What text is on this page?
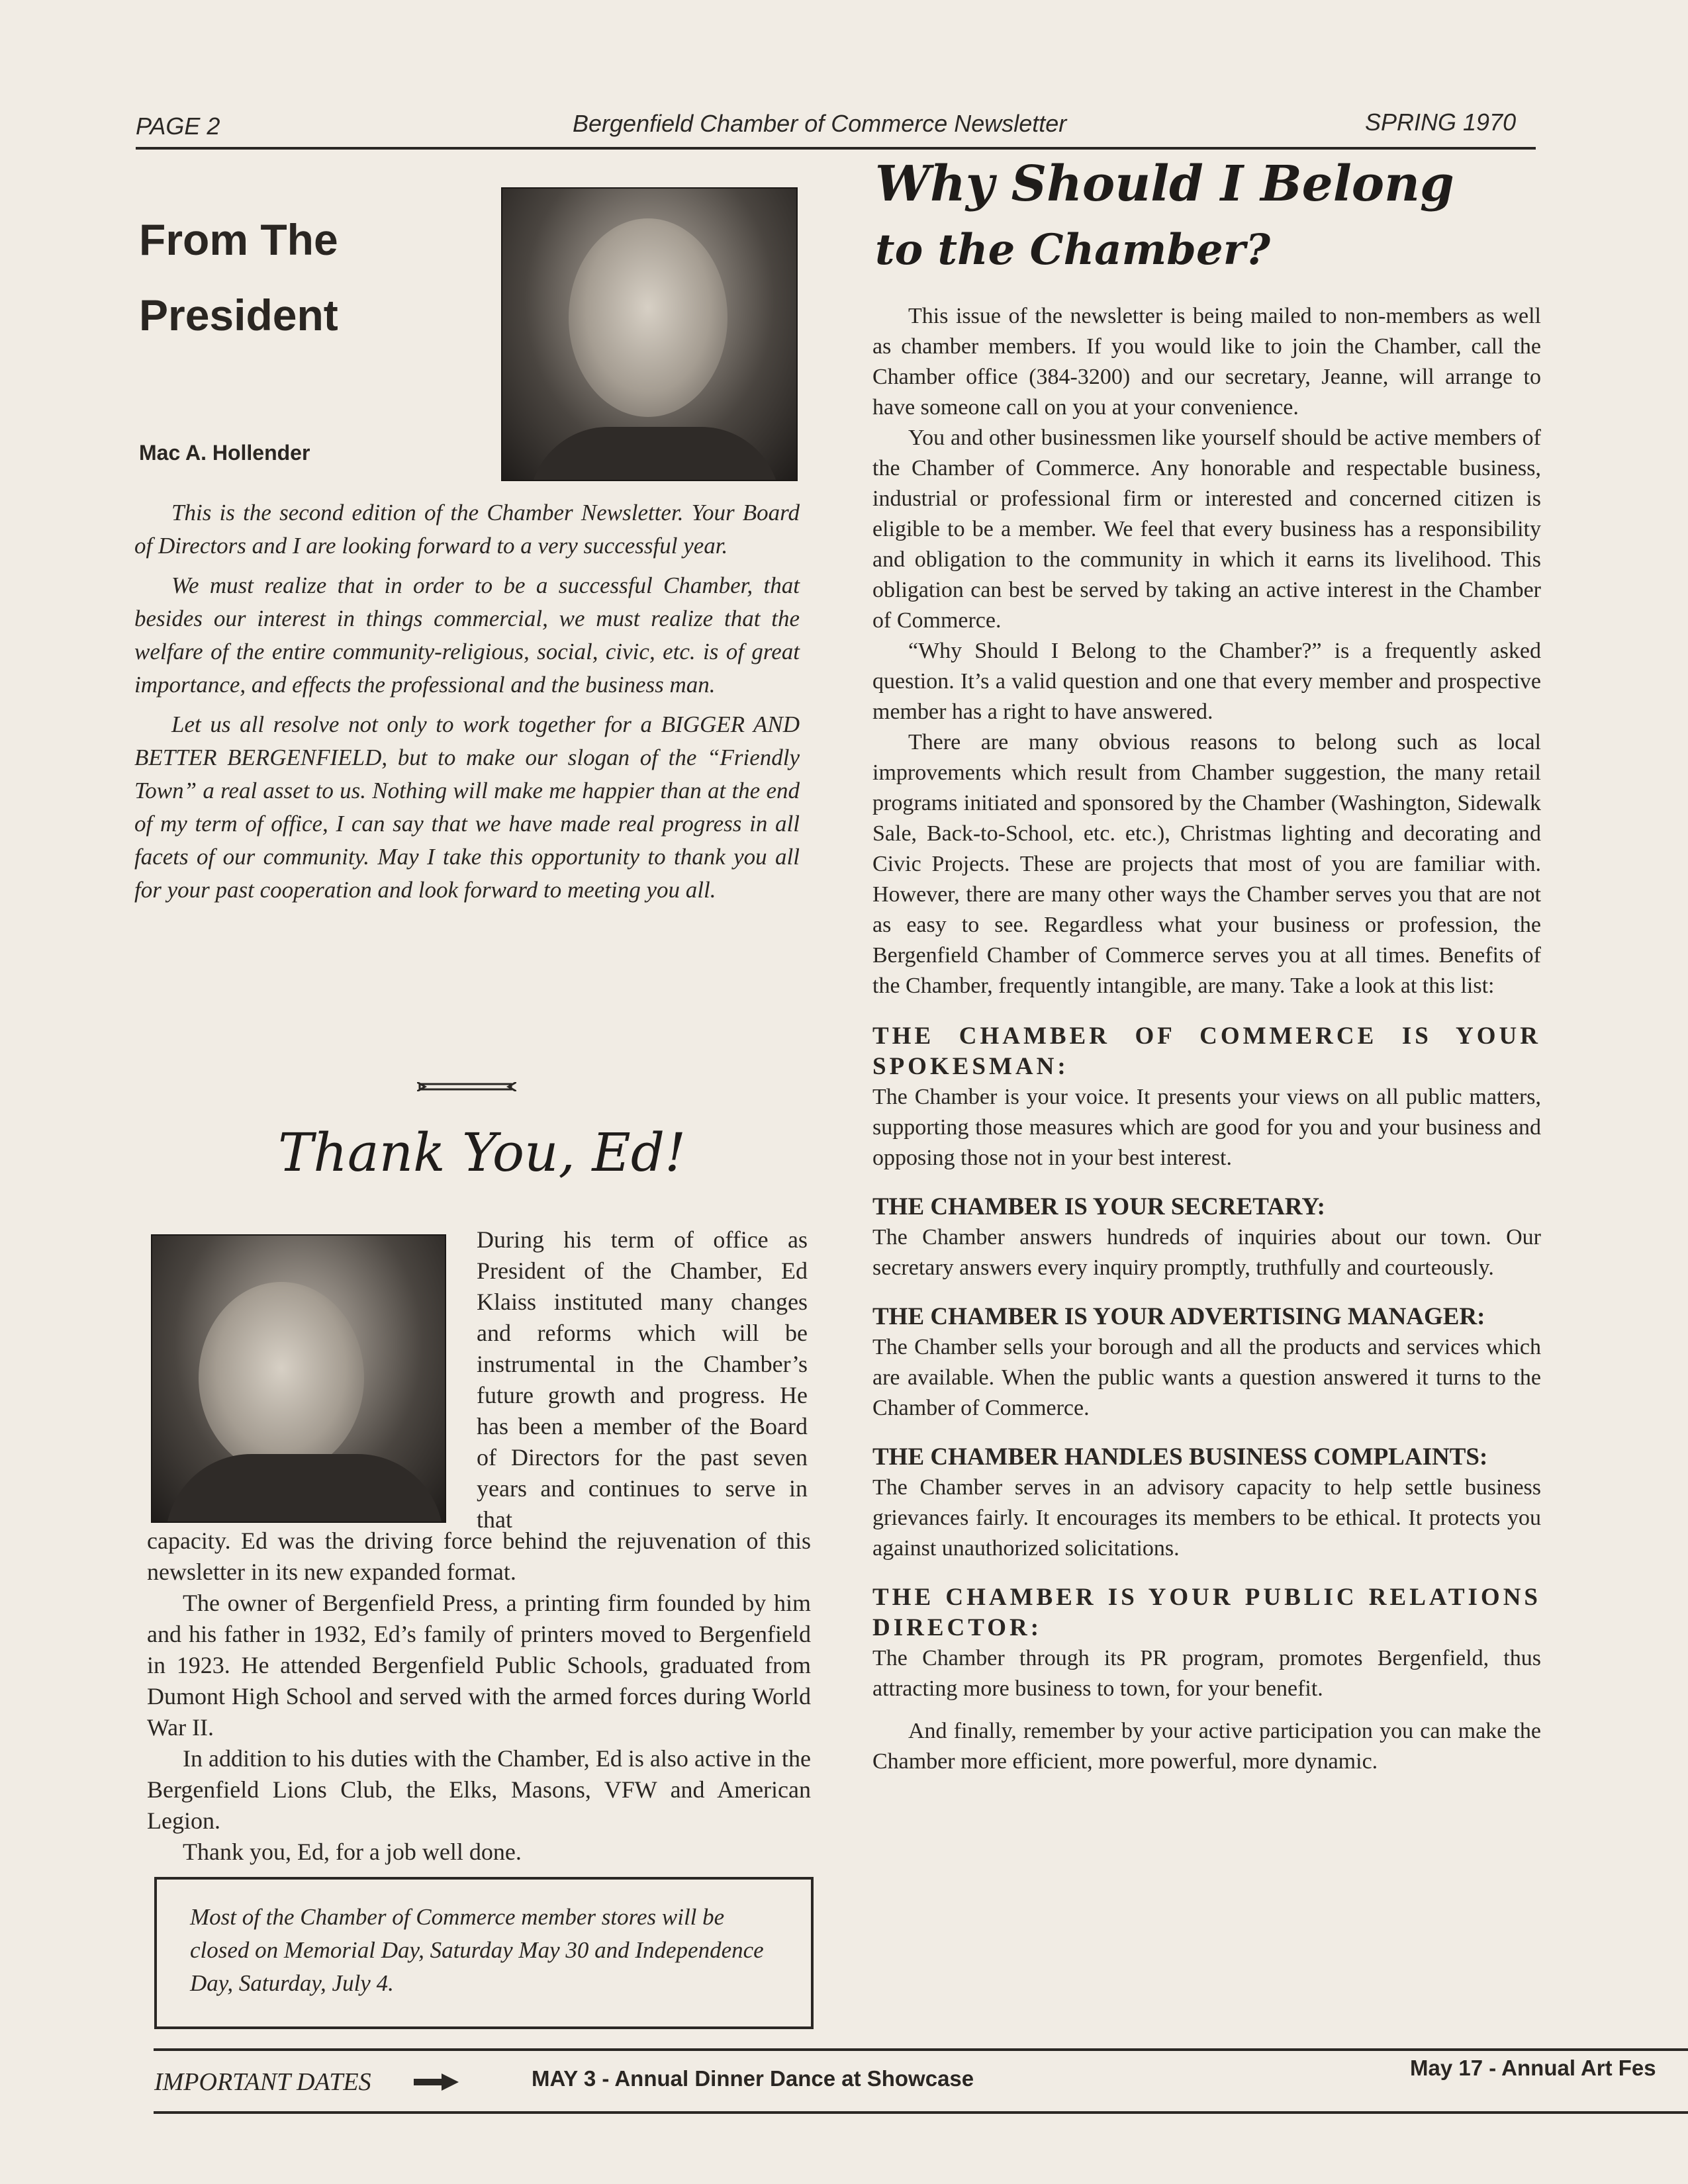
PAGE 2	Bergenfield Chamber of Commerce Newsletter	SPRING 1970
From The
President
Mac A. Hollender

This is the second edition of the Chamber Newsletter. Your Board of Directors and I are looking forward to a very successful year.

We must realize that in order to be a successful Chamber, that besides our interest in things commercial, we must realize that the welfare of the entire community-religious, social, civic, etc. is of great importance, and effects the professional and the business man.

Let us all resolve not only to work together for a BIGGER AND BETTER BERGENFIELD, but to make our slogan of the “Friendly Town” a real asset to us. Nothing will make me happier than at the end of my term of office, I can say that we have made real progress in all facets of our community. May I take this opportunity to thank you all for your past cooperation and look forward to meeting you all.

Thank You, Ed!
During his term of office as President of the Chamber, Ed Klaiss instituted many changes and reforms which will be instrumental in the Chamber’s future growth and progress. He has been a member of the Board of Directors for the past seven years and continues to serve in that

capacity. Ed was the driving force behind the rejuvenation of this newsletter in its new expanded format.

The owner of Bergenfield Press, a printing firm founded by him and his father in 1932, Ed’s family of printers moved to Bergenfield in 1923. He attended Bergenfield Public Schools, graduated from Dumont High School and served with the armed forces during World War II.

In addition to his duties with the Chamber, Ed is also active in the Bergenfield Lions Club, the Elks, Masons, VFW and American Legion.

Thank you, Ed, for a job well done.

Most of the Chamber of Commerce member stores will be closed on Memorial Day, Saturday May 30 and Independence Day, Saturday, July 4.
Why Should I Belong
to the Chamber?

This issue of the newsletter is being mailed to non-members as well as chamber members. If you would like to join the Chamber, call the Chamber office (384-3200) and our secretary, Jeanne, will arrange to have someone call on you at your convenience.

You and other businessmen like yourself should be active members of the Chamber of Commerce. Any honorable and respectable business, industrial or professional firm or interested and concerned citizen is eligible to be a member. We feel that every business has a responsibility and obligation to the community in which it earns its livelihood. This obligation can best be served by taking an active interest in the Chamber of Commerce.

“Why Should I Belong to the Chamber?” is a frequently asked question. It’s a valid question and one that every member and prospective member has a right to have answered.

There are many obvious reasons to belong such as local improvements which result from Chamber suggestion, the many retail programs initiated and sponsored by the Chamber (Washington, Sidewalk Sale, Back-to-School, etc. etc.), Christmas lighting and decorating and Civic Projects. These are projects that most of you are familiar with. However, there are many other ways the Chamber serves you that are not as easy to see. Regardless what your business or profession, the Bergenfield Chamber of Commerce serves you at all times. Benefits of the Chamber, frequently intangible, are many. Take a look at this list:

THE CHAMBER OF COMMERCE IS YOUR SPOKESMAN:
The Chamber is your voice. It presents your views on all public matters, supporting those measures which are good for you and your business and opposing those not in your best interest.
THE CHAMBER IS YOUR SECRETARY:
The Chamber answers hundreds of inquiries about our town. Our secretary answers every inquiry promptly, truthfully and courteously.
THE CHAMBER IS YOUR ADVERTISING MANAGER:
The Chamber sells your borough and all the products and services which are available. When the public wants a question answered it turns to the Chamber of Commerce.
THE CHAMBER HANDLES BUSINESS COMPLAINTS:
The Chamber serves in an advisory capacity to help settle business grievances fairly. It encourages its members to be ethical. It protects you against unauthorized solicitations.
THE CHAMBER IS YOUR PUBLIC RELATIONS DIRECTOR:
The Chamber through its PR program, promotes Bergenfield, thus attracting more business to town, for your benefit.

And finally, remember by your active participation you can make the Chamber more efficient, more powerful, more dynamic.

IMPORTANT DATES	MAY 3 - Annual Dinner Dance at Showcase	May 17 - Annual Art Fes
